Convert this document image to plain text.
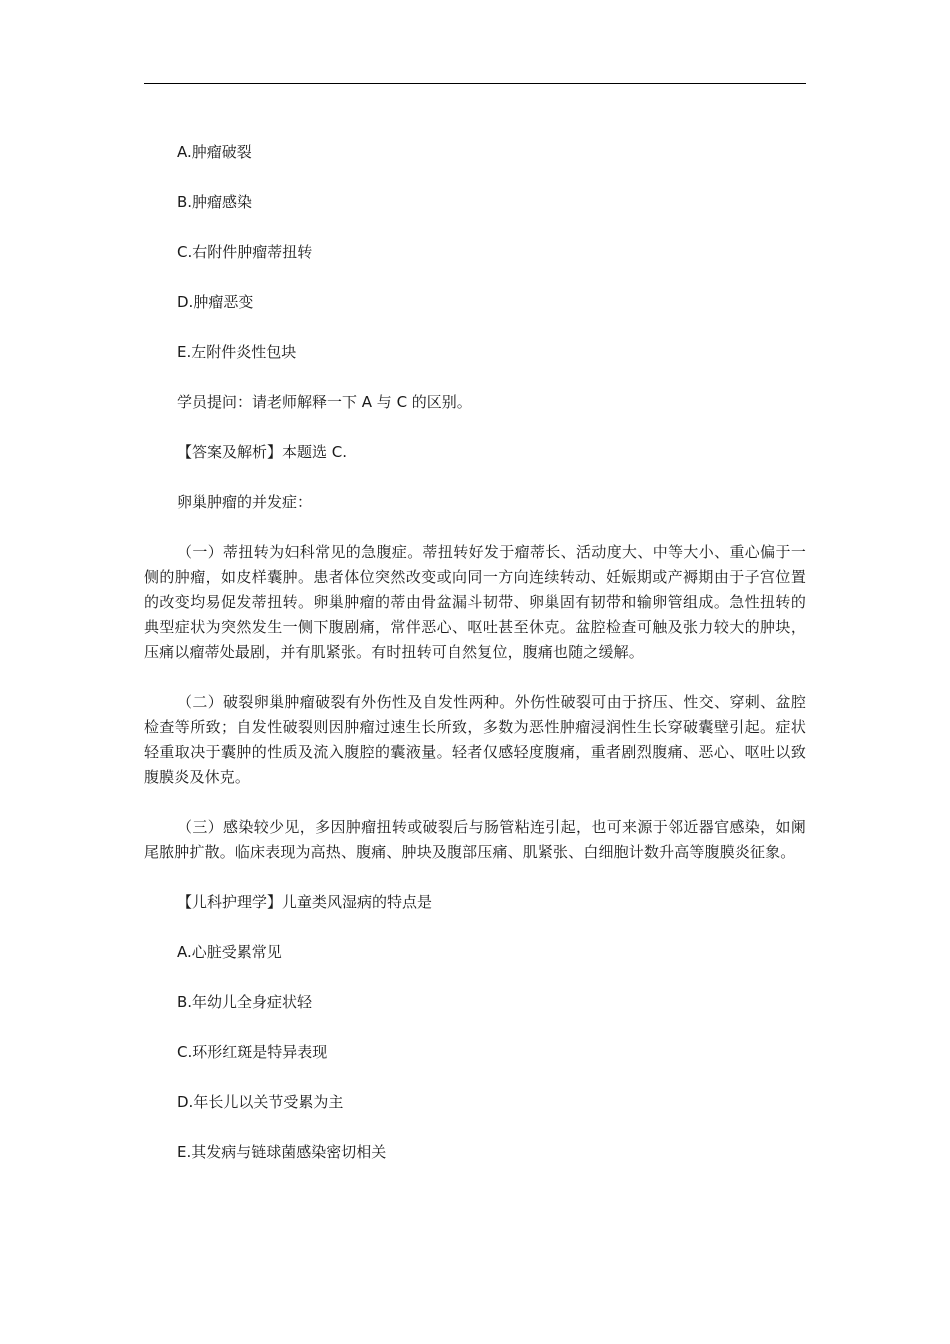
A.肿瘤破裂

B.肿瘤感染

C.右附件肿瘤蒂扭转

D.肿瘤恶变

E.左附件炎性包块

学员提问：请老师解释一下 A 与 C 的区别。

【答案及解析】本题选 C.

卵巢肿瘤的并发症：

（一）蒂扭转为妇科常见的急腹症。蒂扭转好发于瘤蒂长、活动度大、中等大小、重心偏于一侧的肿瘤，如皮样囊肿。患者体位突然改变或向同一方向连续转动、妊娠期或产褥期由于子宫位置的改变均易促发蒂扭转。卵巢肿瘤的蒂由骨盆漏斗韧带、卵巢固有韧带和输卵管组成。急性扭转的典型症状为突然发生一侧下腹剧痛，常伴恶心、呕吐甚至休克。盆腔检查可触及张力较大的肿块，压痛以瘤蒂处最剧，并有肌紧张。有时扭转可自然复位，腹痛也随之缓解。

（二）破裂卵巢肿瘤破裂有外伤性及自发性两种。外伤性破裂可由于挤压、性交、穿刺、盆腔检查等所致；自发性破裂则因肿瘤过速生长所致，多数为恶性肿瘤浸润性生长穿破囊壁引起。症状轻重取决于囊肿的性质及流入腹腔的囊液量。轻者仅感轻度腹痛，重者剧烈腹痛、恶心、呕吐以致腹膜炎及休克。

（三）感染较少见，多因肿瘤扭转或破裂后与肠管粘连引起，也可来源于邻近器官感染，如阑尾脓肿扩散。临床表现为高热、腹痛、肿块及腹部压痛、肌紧张、白细胞计数升高等腹膜炎征象。

【儿科护理学】儿童类风湿病的特点是

A.心脏受累常见

B.年幼儿全身症状轻

C.环形红斑是特异表现

D.年长儿以关节受累为主

E.其发病与链球菌感染密切相关
